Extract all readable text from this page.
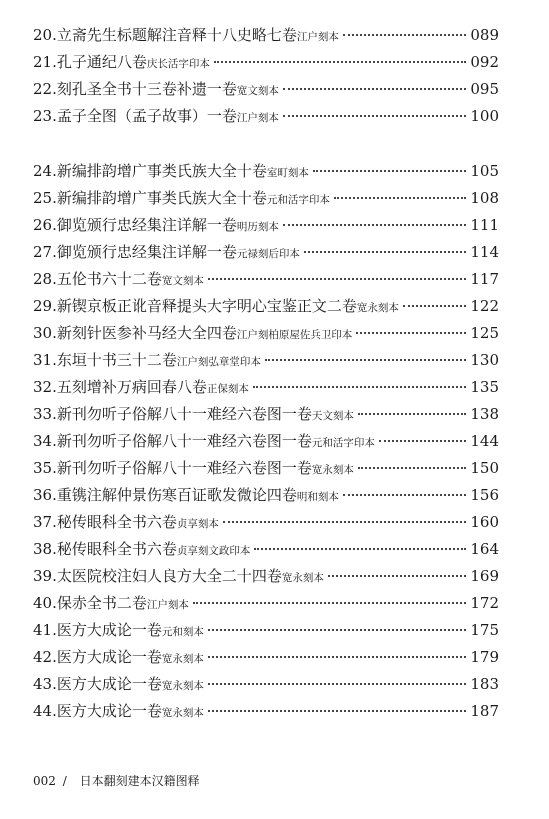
20. 立斋先生标题解注音释十八史略七卷 江户刻本	089
21. 孔子通纪八卷 庆长活字印本	092
22. 刻孔圣全书十三卷补遗一卷 宽文刻本	095
23. 孟子全图（孟子故事）一卷 江户刻本	100
24. 新编排韵增广事类氏族大全十卷 室町刻本	105
25. 新编排韵增广事类氏族大全十卷 元和活字印本	108
26. 御览颁行忠经集注详解一卷 明历刻本	111
27. 御览颁行忠经集注详解一卷 元禄刻后印本	114
28. 五伦书六十二卷 宽文刻本	117
29. 新锲京板正讹音释提头大字明心宝鉴正文二卷 宽永刻本	122
30. 新刻针医参补马经大全四卷 江户刻柏原屋佐兵卫印本	125
31. 东垣十书三十二卷 江户刻弘章堂印本	130
32. 五刻增补万病回春八卷 正保刻本	135
33. 新刊勿听子俗解八十一难经六卷图一卷 天文刻本	138
34. 新刊勿听子俗解八十一难经六卷图一卷 元和活字印本	144
35. 新刊勿听子俗解八十一难经六卷图一卷 宽永刻本	150
36. 重镌注解仲景伤寒百证歌发微论四卷 明和刻本	156
37. 秘传眼科全书六卷 贞享刻本	160
38. 秘传眼科全书六卷 贞享刻文政印本	164
39. 太医院校注妇人良方大全二十四卷 宽永刻本	169
40. 保赤全书二卷 江户刻本	172
41. 医方大成论一卷 元和刻本	175
42. 医方大成论一卷 宽永刻本	179
43. 医方大成论一卷 宽永刻本	183
44. 医方大成论一卷 宽永刻本	187
002 / 日本翻刻建本汉籍图释
